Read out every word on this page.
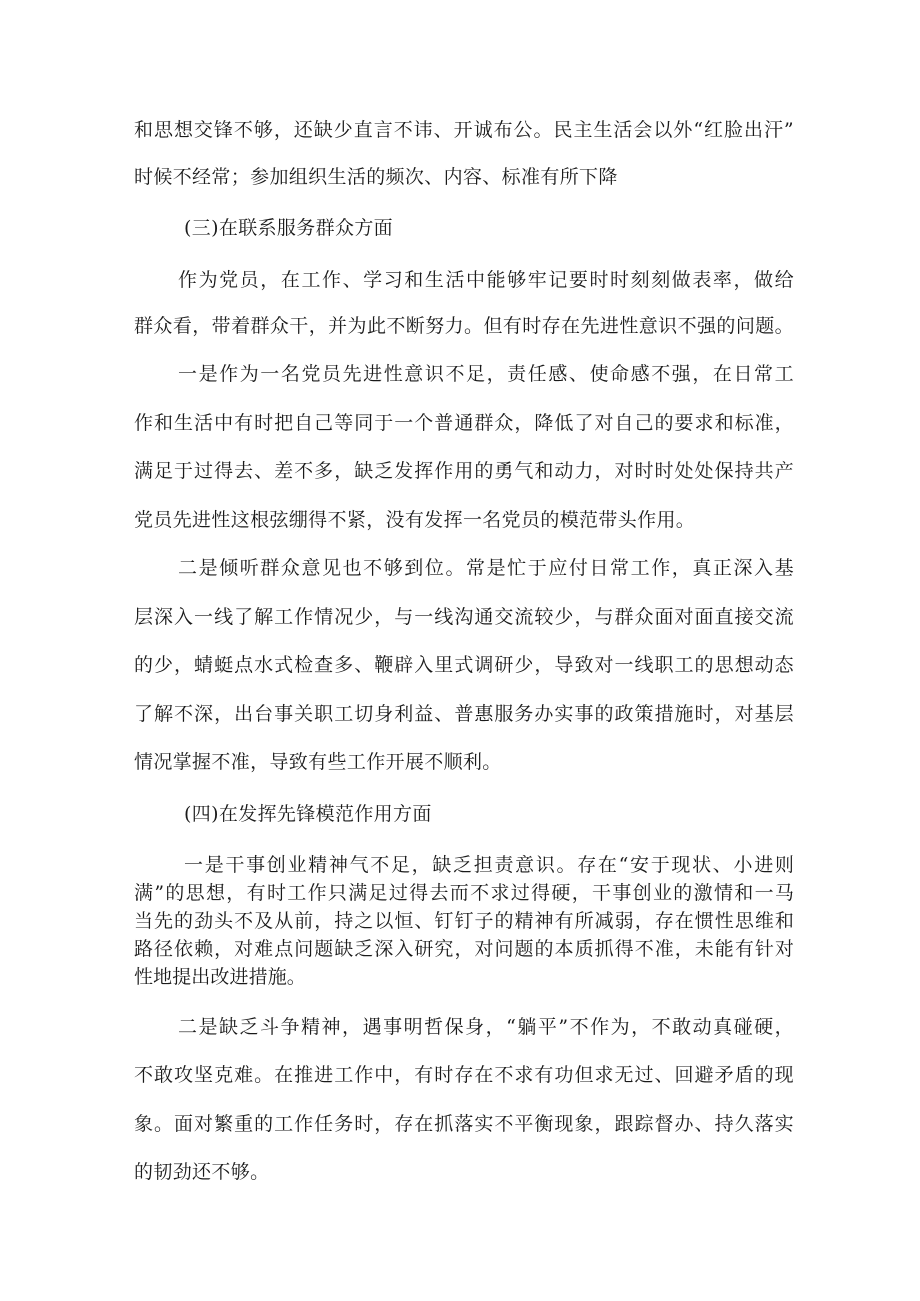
和思想交锋不够，还缺少直言不讳、开诚布公。民主生活会以外“红脸出汗”

时候不经常；参加组织生活的频次、内容、标准有所下降

(三)在联系服务群众方面

作为党员，在工作、学习和生活中能够牢记要时时刻刻做表率，做给

群众看，带着群众干，并为此不断努力。但有时存在先进性意识不强的问题。

一是作为一名党员先进性意识不足，责任感、使命感不强，在日常工

作和生活中有时把自己等同于一个普通群众，降低了对自己的要求和标准，

满足于过得去、差不多，缺乏发挥作用的勇气和动力，对时时处处保持共产

党员先进性这根弦绷得不紧，没有发挥一名党员的模范带头作用。

二是倾听群众意见也不够到位。常是忙于应付日常工作，真正深入基

层深入一线了解工作情况少，与一线沟通交流较少，与群众面对面直接交流

的少，蜻蜓点水式检查多、鞭辟入里式调研少，导致对一线职工的思想动态

了解不深，出台事关职工切身利益、普惠服务办实事的政策措施时，对基层

情况掌握不准，导致有些工作开展不顺利。

(四)在发挥先锋模范作用方面

一是干事创业精神气不足，缺乏担责意识。存在“安于现状、小进则

满”的思想，有时工作只满足过得去而不求过得硬，干事创业的激情和一马

当先的劲头不及从前，持之以恒、钉钉子的精神有所减弱，存在惯性思维和

路径依赖，对难点问题缺乏深入研究，对问题的本质抓得不准，未能有针对

性地提出改进措施。

二是缺乏斗争精神，遇事明哲保身，“躺平”不作为，不敢动真碰硬，

不敢攻坚克难。在推进工作中，有时存在不求有功但求无过、回避矛盾的现

象。面对繁重的工作任务时，存在抓落实不平衡现象，跟踪督办、持久落实

的韧劲还不够。
